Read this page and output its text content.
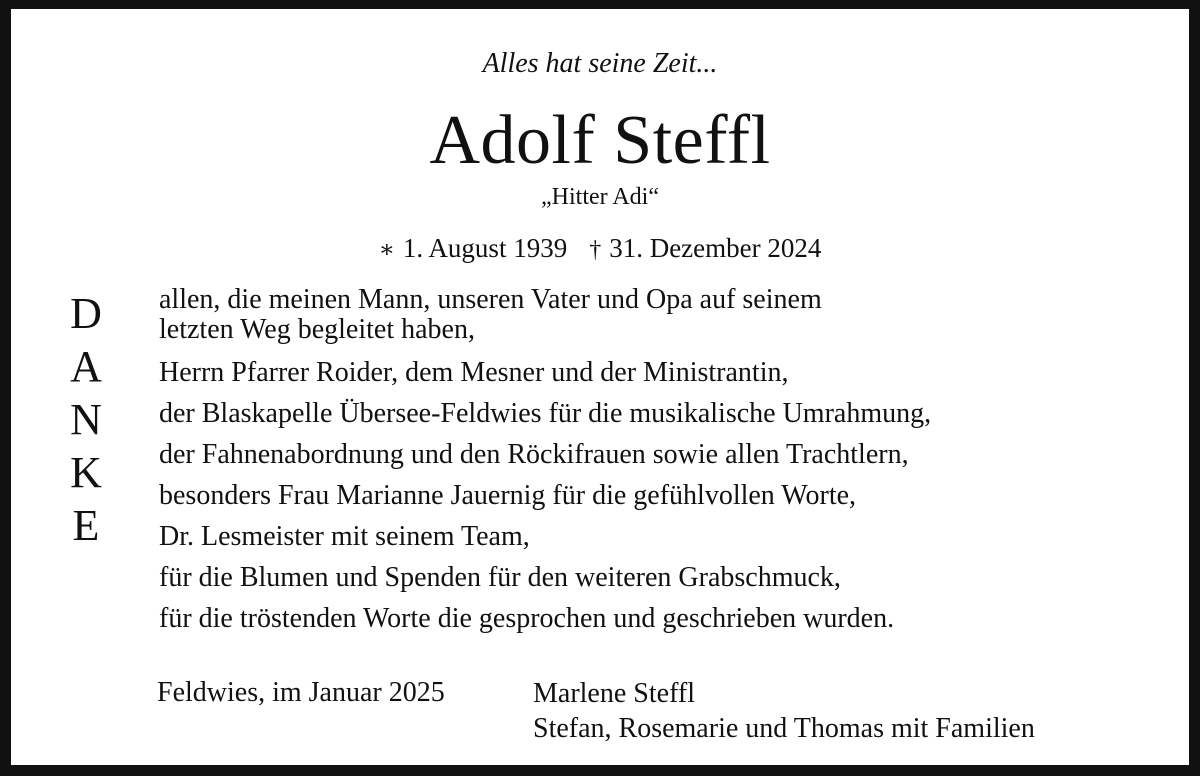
Alles hat seine Zeit...
Adolf Steffl
„Hitter Adi“
∗ 1. August 1939 † 31. Dezember 2024
D
A
N
K
E
allen, die meinen Mann, unseren Vater und Opa auf seinem
letzten Weg begleitet haben,
Herrn Pfarrer Roider, dem Mesner und der Ministrantin,
der Blaskapelle Übersee-Feldwies für die musikalische Umrahmung,
der Fahnenabordnung und den Röckifrauen sowie allen Trachtlern,
besonders Frau Marianne Jauernig für die gefühlvollen Worte,
Dr. Lesmeister mit seinem Team,
für die Blumen und Spenden für den weiteren Grabschmuck,
für die tröstenden Worte die gesprochen und geschrieben wurden.
Feldwies, im Januar 2025	Marlene Steffl
Stefan, Rosemarie und Thomas mit Familien
